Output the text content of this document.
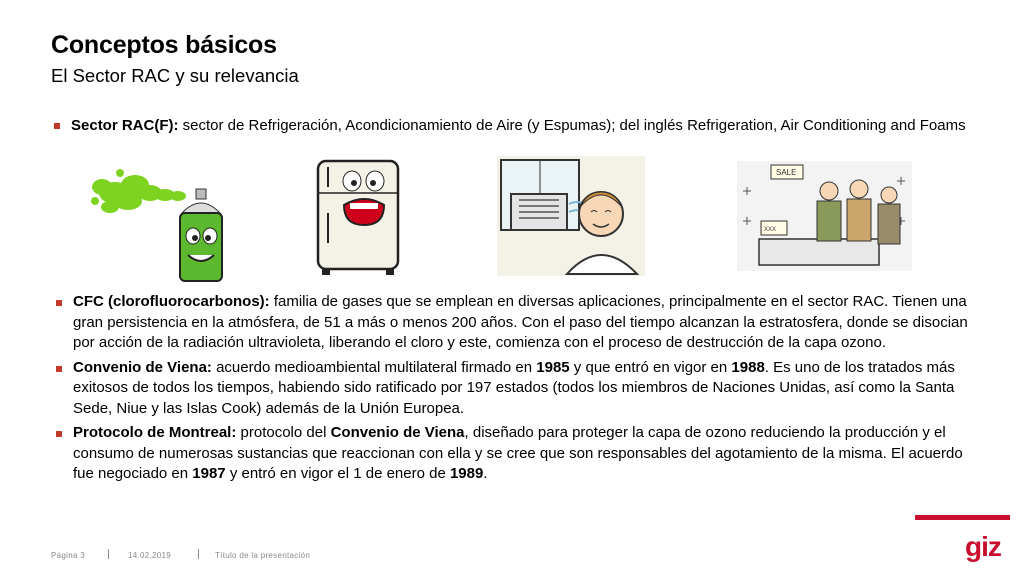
Conceptos básicos
El Sector RAC y su relevancia
Sector RAC(F): sector de Refrigeración, Acondicionamiento de Aire (y Espumas); del inglés Refrigeration, Air Conditioning and Foams
SALE
XXX
CFC (clorofluorocarbonos): familia de gases que se emplean en diversas aplicaciones, principalmente en el sector RAC. Tienen una gran persistencia en la atmósfera, de 51 a más o menos 200 años. Con el paso del tiempo alcanzan la estratosfera, donde se disocian por acción de la radiación ultravioleta, liberando el cloro y este, comienza con el proceso de destrucción de la capa ozono.
Convenio de Viena: acuerdo medioambiental multilateral firmado en 1985 y que entró en vigor en 1988. Es uno de los tratados más exitosos de todos los tiempos, habiendo sido ratificado por 197 estados (todos los miembros de Naciones Unidas, así como la Santa Sede, Niue y las Islas Cook) además de la Unión Europea.
Protocolo de Montreal: protocolo del Convenio de Viena, diseñado para proteger la capa de ozono reduciendo la producción y el consumo de numerosas sustancias que reaccionan con ella y se cree que son responsables del agotamiento de la misma. El acuerdo fue negociado en 1987 y entró en vigor el 1 de enero de 1989.
Página 3	14.02.2019	Título de la presentación	giz
